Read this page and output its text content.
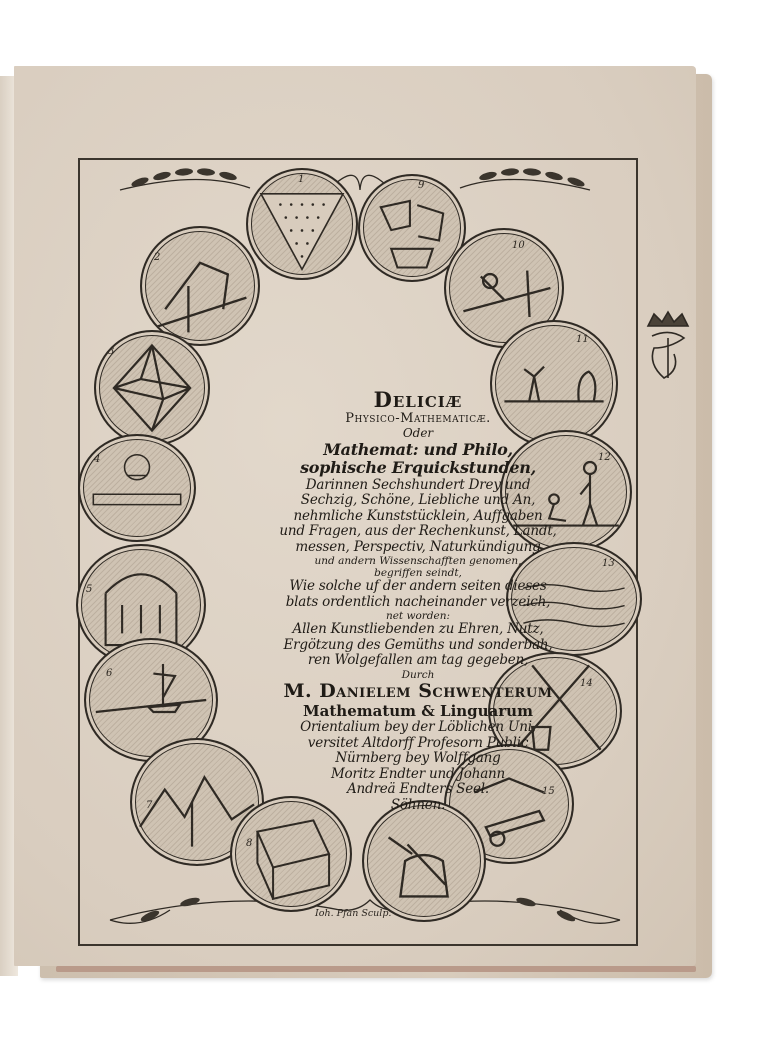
1
9
2
10
3
11
4	12
5
13
6
14
7
15
8
Deliciæ
Physico-Mathematicæ.
Oder
Mathemat: und Philo,
sophische Erquickstunden,
Darinnen Sechshundert Drey und
Sechzig, Schöne, Liebliche und An,
nehmliche Kunststücklein, Auffgaben
und Fragen, aus der Rechenkunst, Landt,
messen, Perspectiv, Naturkündigung
und andern Wissenschafften genomen,
begriffen seindt,
Wie solche uf der andern seiten dieses
blats ordentlich nacheinander verzeich,
net worden:
Allen Kunstliebenden zu Ehren, Nutz,
Ergötzung des Gemüths und sonderbah,
ren Wolgefallen am tag gegeben,
Durch
M. Danielem Schwenterum
Mathematum & Linguarum
Orientalium bey der Löblichen Uni,
versitet Altdorff Profesorn Public
Nürnberg bey Wolffgang
Moritz Endter und Johann
Andreä Endters Seel.
Söhnen.
Ioh. Pfan Sculp.
